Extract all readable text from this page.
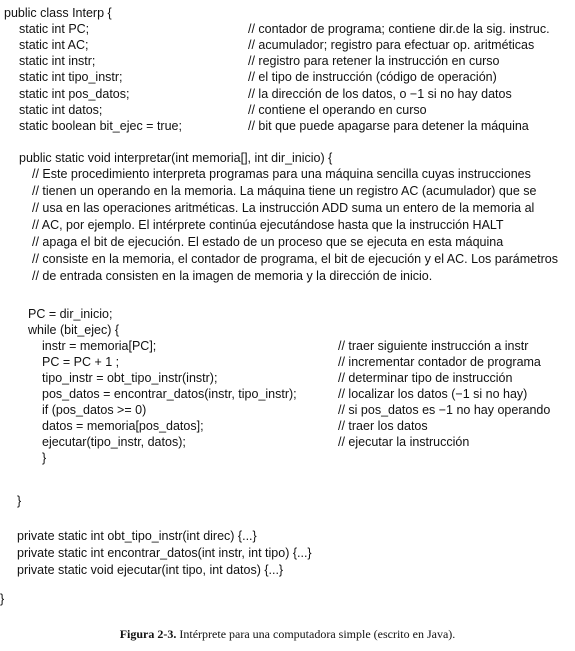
public class Interp {
static int PC;	// contador de programa; contiene dir.de la sig. instruc.
static int AC;	// acumulador; registro para efectuar op. aritméticas
static int instr;	// registro para retener la instrucción en curso
static int tipo_instr;	// el tipo de instrucción (código de operación)
static int pos_datos;	// la dirección de los datos, o −1 si no hay datos
static int datos;	// contiene el operando en curso
static boolean bit_ejec = true;	// bit que puede apagarse para detener la máquina
public static void interpretar(int memoria[], int dir_inicio) {
// Este procedimiento interpreta programas para una máquina sencilla cuyas instrucciones
// tienen un operando en la memoria. La máquina tiene un registro AC (acumulador) que se
// usa en las operaciones aritméticas. La instrucción ADD suma un entero de la memoria al
// AC, por ejemplo. El intérprete continúa ejecutándose hasta que la instrucción HALT
// apaga el bit de ejecución. El estado de un proceso que se ejecuta en esta máquina
// consiste en la memoria, el contador de programa, el bit de ejecución y el AC. Los parámetros
// de entrada consisten en la imagen de memoria y la dirección de inicio.
PC = dir_inicio;
while (bit_ejec) {
instr = memoria[PC];	// traer siguiente instrucción a instr
PC = PC + 1 ;	// incrementar contador de programa
tipo_instr = obt_tipo_instr(instr);	// determinar tipo de instrucción
pos_datos = encontrar_datos(instr, tipo_instr);	// localizar los datos (−1 si no hay)
if (pos_datos >= 0)	// si pos_datos es −1 no hay operando
datos = memoria[pos_datos];	// traer los datos
ejecutar(tipo_instr, datos);	// ejecutar la instrucción
}
}
private static int obt_tipo_instr(int direc) {...}
private static int encontrar_datos(int instr, int tipo) {...}
private static void ejecutar(int tipo, int datos) {...}
}
Figura 2-3. Intérprete para una computadora simple (escrito en Java).
